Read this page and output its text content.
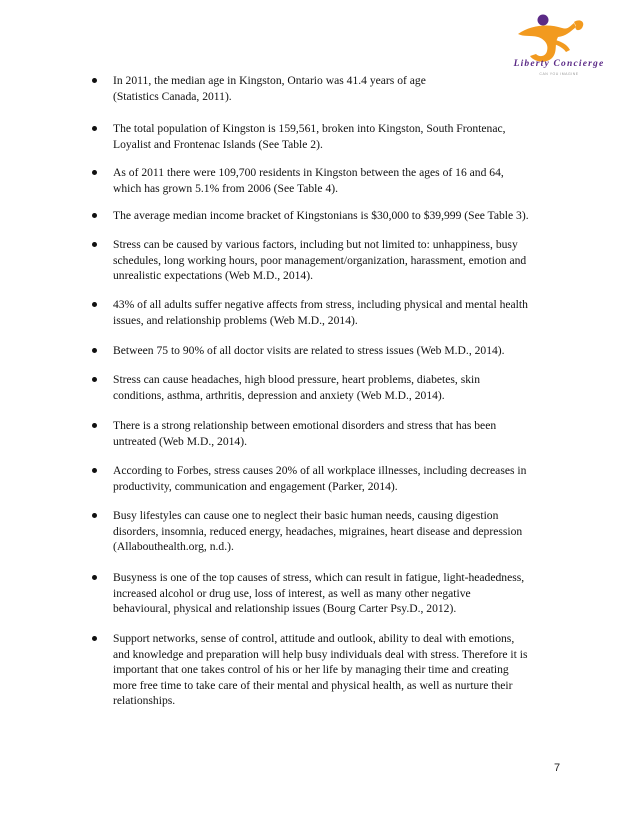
Liberty Concierge
CAN YOU IMAGINE
In 2011, the median age in Kingston, Ontario was 41.4 years of age
(Statistics Canada, 2011).
The total population of Kingston is 159,561, broken into Kingston, South Frontenac,
Loyalist and Frontenac Islands (See Table 2).
As of 2011 there were 109,700 residents in Kingston between the ages of 16 and 64,
which has grown 5.1% from 2006 (See Table 4).
The average median income bracket of Kingstonians is $30,000 to $39,999 (See Table 3).
Stress can be caused by various factors, including but not limited to: unhappiness, busy
schedules, long working hours, poor management/organization, harassment, emotion and
unrealistic expectations (Web M.D., 2014).
43% of all adults suffer negative affects from stress, including physical and mental health
issues, and relationship problems (Web M.D., 2014).
Between 75 to 90% of all doctor visits are related to stress issues (Web M.D., 2014).
Stress can cause headaches, high blood pressure, heart problems, diabetes, skin
conditions, asthma, arthritis, depression and anxiety (Web M.D., 2014).
There is a strong relationship between emotional disorders and stress that has been
untreated (Web M.D., 2014).
According to Forbes, stress causes 20% of all workplace illnesses, including decreases in
productivity, communication and engagement (Parker, 2014).
Busy lifestyles can cause one to neglect their basic human needs, causing digestion
disorders, insomnia, reduced energy, headaches, migraines, heart disease and depression
(Allabouthealth.org, n.d.).
Busyness is one of the top causes of stress, which can result in fatigue, light-headedness,
increased alcohol or drug use, loss of interest, as well as many other negative
behavioural, physical and relationship issues (Bourg Carter Psy.D., 2012).
Support networks, sense of control, attitude and outlook, ability to deal with emotions,
and knowledge and preparation will help busy individuals deal with stress. Therefore it is
important that one takes control of his or her life by managing their time and creating
more free time to take care of their mental and physical health, as well as nurture their
relationships.
7
